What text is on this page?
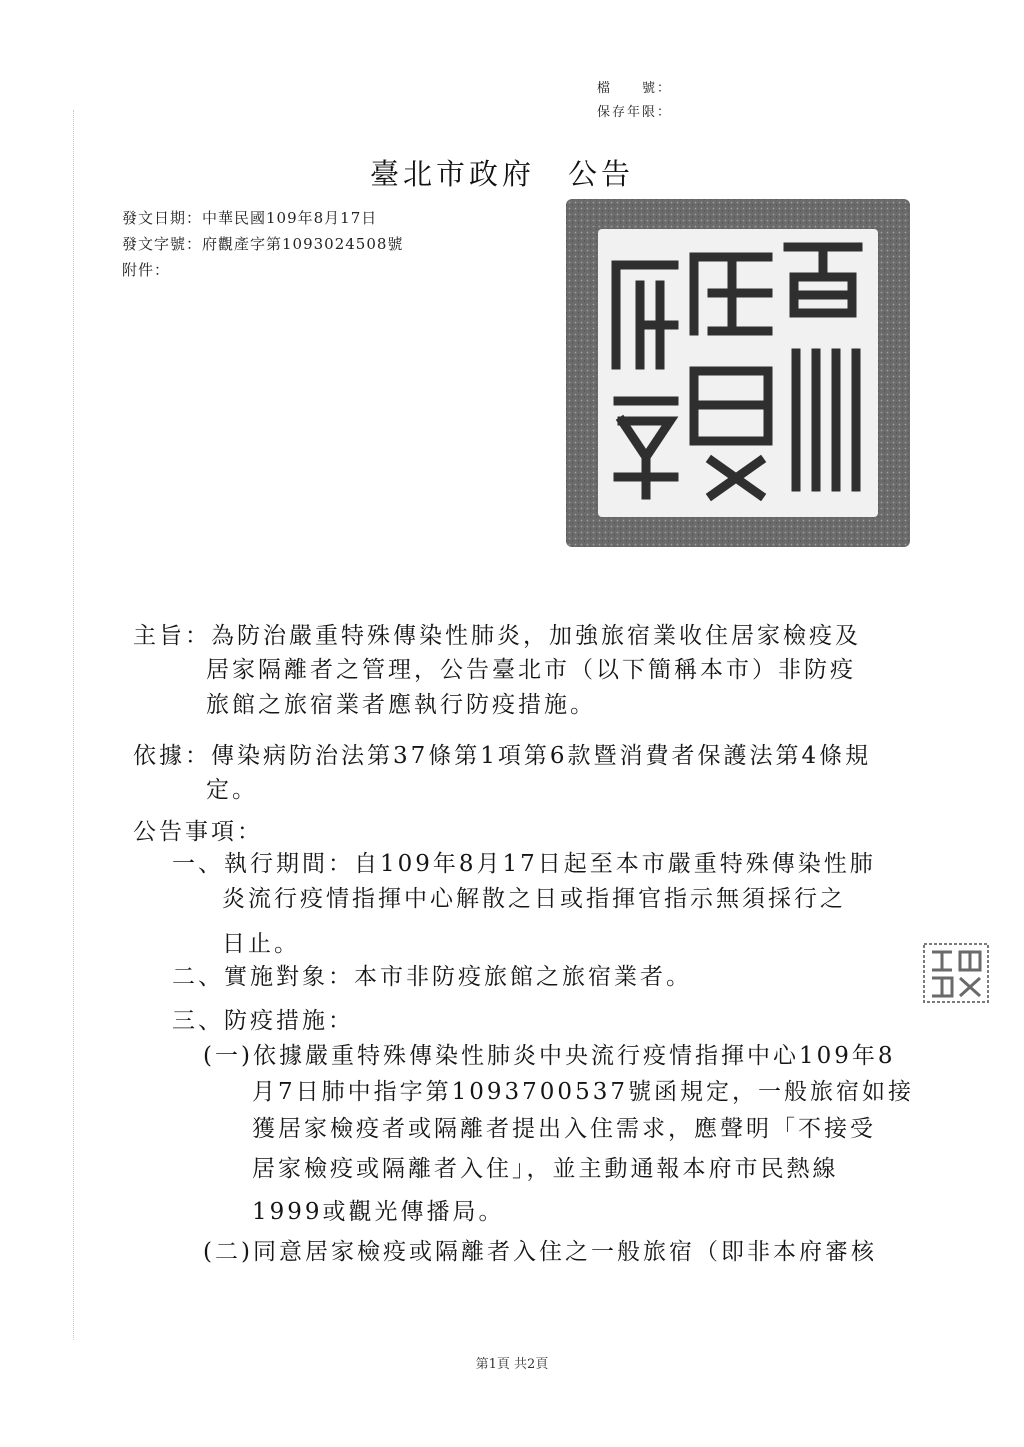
檔　　號：
保存年限：
臺北市政府　公告
發文日期：中華民國109年8月17日
發文字號：府觀產字第1093024508號
附件：
主旨：為防治嚴重特殊傳染性肺炎，加強旅宿業收住居家檢疫及
居家隔離者之管理，公告臺北市（以下簡稱本市）非防疫
旅館之旅宿業者應執行防疫措施。
依據：傳染病防治法第37條第1項第6款暨消費者保護法第4條規
定。
公告事項：
一、執行期間：自109年8月17日起至本市嚴重特殊傳染性肺
炎流行疫情指揮中心解散之日或指揮官指示無須採行之
日止。
二、實施對象：本市非防疫旅館之旅宿業者。
三、防疫措施：
(一)依據嚴重特殊傳染性肺炎中央流行疫情指揮中心109年8
月7日肺中指字第1093700537號函規定，一般旅宿如接
獲居家檢疫者或隔離者提出入住需求，應聲明「不接受
居家檢疫或隔離者入住」，並主動通報本府市民熱線
1999或觀光傳播局。
(二)同意居家檢疫或隔離者入住之一般旅宿（即非本府審核
第1頁 共2頁
